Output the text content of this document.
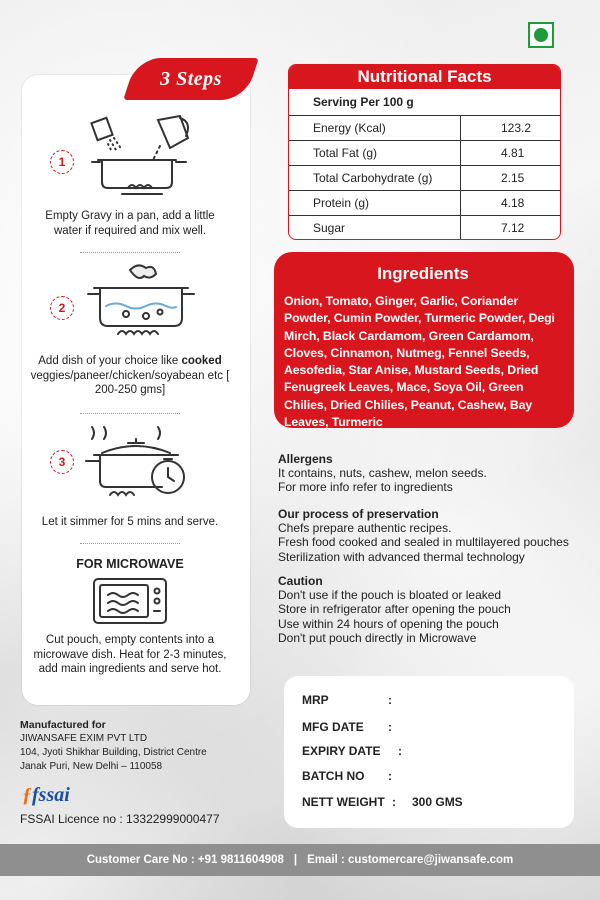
3 Steps
1
Empty Gravy in a pan, add a little water if required and mix well.
2
Add dish of your choice like cooked veggies/paneer/chicken/soyabean etc [ 200-250 gms]
3
Let it simmer for 5 mins and serve.
FOR MICROWAVE
Cut pouch, empty contents into a microwave dish. Heat for 2-3 minutes, add main ingredients and serve hot.
Nutritional Facts
Serving Per 100 g
Energy (Kcal)	123.2
Total Fat (g)	4.81
Total Carbohydrate (g)	2.15
Protein (g)	4.18
Sugar	7.12
Ingredients
Onion, Tomato, Ginger, Garlic, Coriander Powder, Cumin Powder, Turmeric Powder, Degi Mirch, Black Cardamom, Green Cardamom, Cloves, Cinnamon, Nutmeg, Fennel Seeds, Aesofedia, Star Anise, Mustard Seeds, Dried Fenugreek Leaves, Mace, Soya Oil, Green Chilies, Dried Chilies, Peanut, Cashew, Bay Leaves, Turmeric
Allergens
It contains, nuts, cashew, melon seeds.
For more info refer to ingredients
Our process of preservation
Chefs prepare authentic recipes.
Fresh food cooked and sealed in multilayered pouches
Sterilization with advanced thermal technology
Caution
Don't use if the pouch is bloated or leaked
Store in refrigerator after opening the pouch
Use within 24 hours of opening the pouch
Don't put pouch directly in Microwave
MRP	:
MFG DATE :
EXPIRY DATE :
BATCH NO :
NETT WEIGHT : 300 GMS
Manufactured for
JIWANSAFE EXIM PVT LTD
104, Jyoti Shikhar Building, District Centre
Janak Puri, New Delhi – 110058
ƒfssai
FSSAI Licence no : 13322999000477
Customer Care No : +91 9811604908 | Email : customercare@jiwansafe.com
